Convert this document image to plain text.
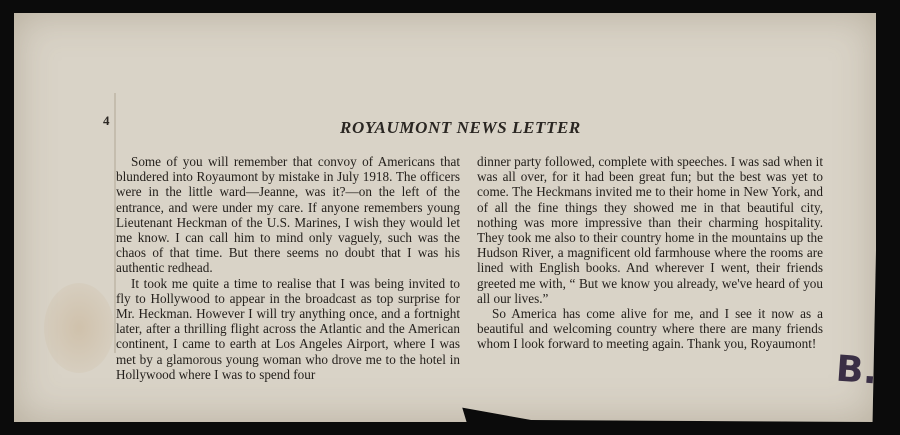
4	ROYAUMONT NEWS LETTER

Some of you will remember that convoy of Americans that blundered into Royaumont by mistake in July 1918. The officers were in the little ward—Jeanne, was it?—on the left of the entrance, and were under my care. If anyone remembers young Lieutenant Heckman of the U.S. Marines, I wish they would let me know. I can call him to mind only vaguely, such was the chaos of that time. But there seems no doubt that I was his authentic redhead.

It took me quite a time to realise that I was being invited to fly to Hollywood to appear in the broadcast as top surprise for Mr. Heckman. However I will try anything once, and a fortnight later, after a thrilling flight across the Atlantic and the American continent, I came to earth at Los Angeles Airport, where I was met by a glamorous young woman who drove me to the hotel in Hollywood where I was to spend four

dinner party followed, complete with speeches. I was sad when it was all over, for it had been great fun; but the best was yet to come. The Heckmans invited me to their home in New York, and of all the fine things they showed me in that beautiful city, nothing was more impressive than their charming hospitality. They took me also to their country home in the mountains up the Hudson River, a magnificent old farmhouse where the rooms are lined with English books. And wherever I went, their friends greeted me with, “ But we know you already, we've heard of you all our lives.”

So America has come alive for me, and I see it now as a beautiful and welcoming country where there are many friends whom I look forward to meeting again. Thank you, Royaumont!

B.
